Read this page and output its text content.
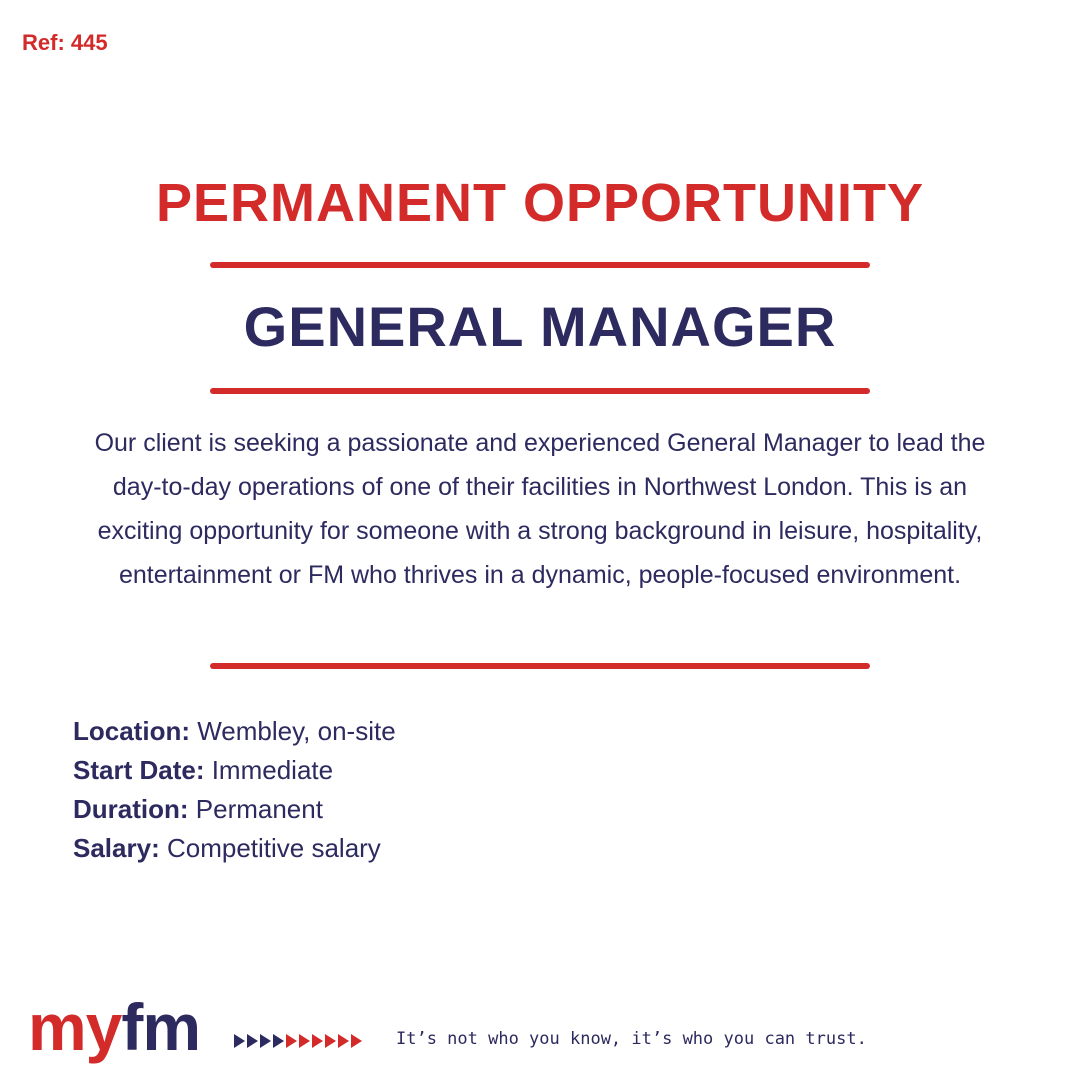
Ref: 445
PERMANENT OPPORTUNITY
GENERAL MANAGER
Our client is seeking a passionate and experienced General Manager to lead the day-to-day operations of one of their facilities in Northwest London. This is an exciting opportunity for someone with a strong background in leisure, hospitality, entertainment or FM who thrives in a dynamic, people-focused environment.
Location: Wembley, on-site
Start Date: Immediate
Duration: Permanent
Salary: Competitive salary
myfm	It’s not who you know, it’s who you can trust.
